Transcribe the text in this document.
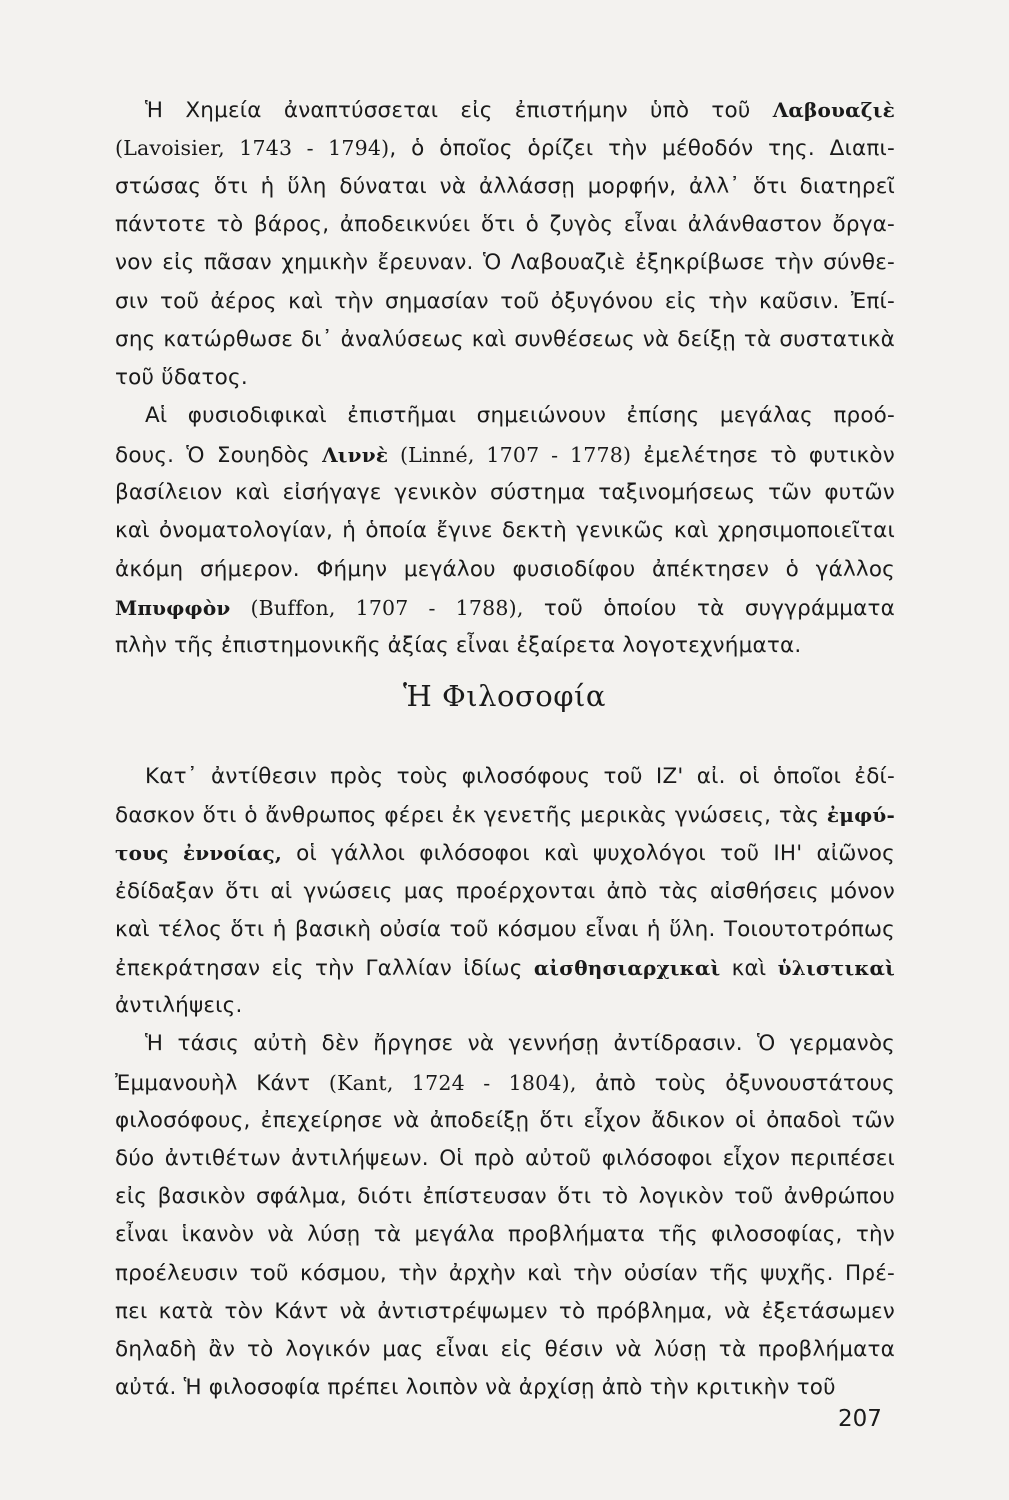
Ἡ Χημεία ἀναπτύσσεται εἰς ἐπιστήμην ὑπὸ τοῦ Λαβουαζιὲ
(Lavoisier, 1743 - 1794), ὁ ὁποῖος ὁρίζει τὴν μέθοδόν της. Διαπι-
στώσας ὅτι ἡ ὕλη δύναται νὰ ἀλλάσσῃ μορφήν, ἀλλ᾿ ὅτι διατηρεῖ
πάντοτε τὸ βάρος, ἀποδεικνύει ὅτι ὁ ζυγὸς εἶναι ἀλάνθαστον ὄργα-
νον εἰς πᾶσαν χημικὴν ἔρευναν. Ὁ Λαβουαζιὲ ἐξηκρίβωσε τὴν σύνθε-
σιν τοῦ ἀέρος καὶ τὴν σημασίαν τοῦ ὀξυγόνου εἰς τὴν καῦσιν. Ἐπί-
σης κατώρθωσε δι᾿ ἀναλύσεως καὶ συνθέσεως νὰ δείξῃ τὰ συστατικὰ
τοῦ ὕδατος.
Αἱ φυσιοδιφικαὶ ἐπιστῆμαι σημειώνουν ἐπίσης μεγάλας προό-
δους. Ὁ Σουηδὸς Λιννὲ (Linné, 1707 - 1778) ἐμελέτησε τὸ φυτικὸν
βασίλειον καὶ εἰσήγαγε γενικὸν σύστημα ταξινομήσεως τῶν φυτῶν
καὶ ὀνοματολογίαν, ἡ ὁποία ἔγινε δεκτὴ γενικῶς καὶ χρησιμοποιεῖται
ἀκόμη σήμερον. Φήμην μεγάλου φυσιοδίφου ἀπέκτησεν ὁ γάλλος
Μπυφφὸν (Buffon, 1707 - 1788), τοῦ ὁποίου τὰ συγγράμματα
πλὴν τῆς ἐπιστημονικῆς ἀξίας εἶναι ἐξαίρετα λογοτεχνήματα.
Ἡ Φιλοσοφία
Κατ᾿ ἀντίθεσιν πρὸς τοὺς φιλοσόφους τοῦ ΙΖ' αἰ. οἱ ὁποῖοι ἐδί-
δασκον ὅτι ὁ ἄνθρωπος φέρει ἐκ γενετῆς μερικὰς γνώσεις, τὰς ἐμφύ-
τους ἐννοίας, οἱ γάλλοι φιλόσοφοι καὶ ψυχολόγοι τοῦ ΙΗ' αἰῶνος
ἐδίδαξαν ὅτι αἱ γνώσεις μας προέρχονται ἀπὸ τὰς αἰσθήσεις μόνον
καὶ τέλος ὅτι ἡ βασικὴ οὐσία τοῦ κόσμου εἶναι ἡ ὕλη. Τοιουτοτρόπως
ἐπεκράτησαν εἰς τὴν Γαλλίαν ἰδίως αἰσθησιαρχικαὶ καὶ ὑλιστικαὶ
ἀντιλήψεις.
Ἡ τάσις αὐτὴ δὲν ἤργησε νὰ γεννήσῃ ἀντίδρασιν. Ὁ γερμανὸς
Ἐμμανουὴλ Κάντ (Kant, 1724 - 1804), ἀπὸ τοὺς ὀξυνουστάτους
φιλοσόφους, ἐπεχείρησε νὰ ἀποδείξῃ ὅτι εἶχον ἄδικον οἱ ὀπαδοὶ τῶν
δύο ἀντιθέτων ἀντιλήψεων. Οἱ πρὸ αὐτοῦ φιλόσοφοι εἶχον περιπέσει
εἰς βασικὸν σφάλμα, διότι ἐπίστευσαν ὅτι τὸ λογικὸν τοῦ ἀνθρώπου
εἶναι ἱκανὸν νὰ λύσῃ τὰ μεγάλα προβλήματα τῆς φιλοσοφίας, τὴν
προέλευσιν τοῦ κόσμου, τὴν ἀρχὴν καὶ τὴν οὐσίαν τῆς ψυχῆς. Πρέ-
πει κατὰ τὸν Κάντ νὰ ἀντιστρέψωμεν τὸ πρόβλημα, νὰ ἐξετάσωμεν
δηλαδὴ ἂν τὸ λογικόν μας εἶναι εἰς θέσιν νὰ λύσῃ τὰ προβλήματα
αὐτά. Ἡ φιλοσοφία πρέπει λοιπὸν νὰ ἀρχίσῃ ἀπὸ τὴν κριτικὴν τοῦ
207
